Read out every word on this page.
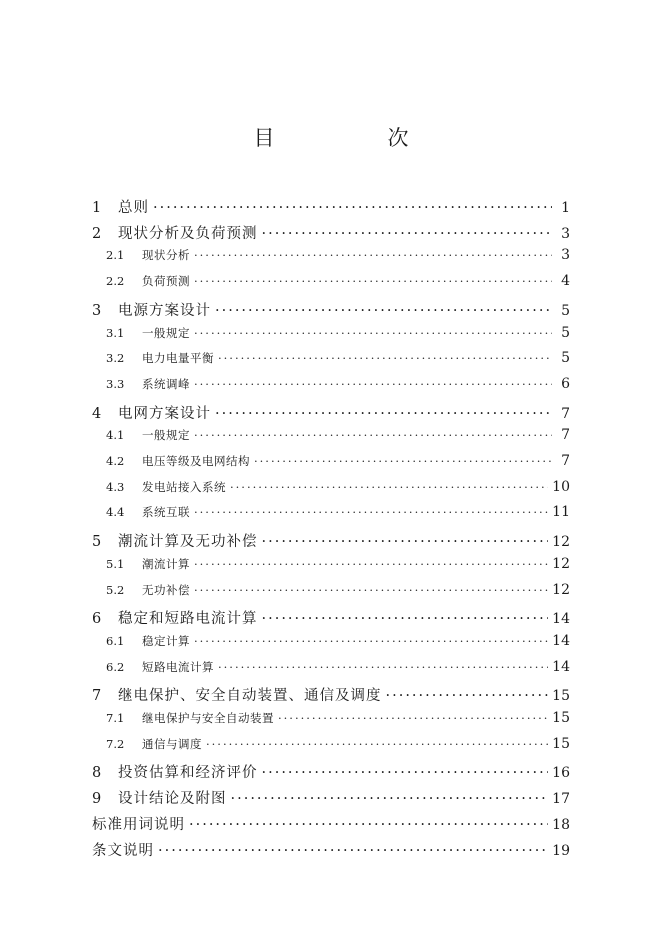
目　次
1	总则 ·····	1
2	现状分析及负荷预测 ·····	3
2.1	现状分析 ·····	3
2.2	负荷预测 ·····	4
3	电源方案设计 ·····	5
3.1	一般规定 ·····	5
3.2	电力电量平衡 ·····	5
3.3	系统调峰 ·····	6
4	电网方案设计 ·····	7
4.1	一般规定 ·····	7
4.2	电压等级及电网结构 ·····	7
4.3	发电站接入系统 ·····	10
4.4	系统互联 ·····	11
5	潮流计算及无功补偿 ·····	12
5.1	潮流计算 ·····	12
5.2	无功补偿 ·····	12
6	稳定和短路电流计算 ·····	14
6.1	稳定计算 ·····	14
6.2	短路电流计算 ·····	14
7	继电保护、安全自动装置、通信及调度 ·····	15
7.1	继电保护与安全自动装置 ·····	15
7.2	通信与调度 ·····	15
8	投资估算和经济评价 ·····	16
9	设计结论及附图 ·····	17
标准用词说明 ·····	18
条文说明 ·····	19
